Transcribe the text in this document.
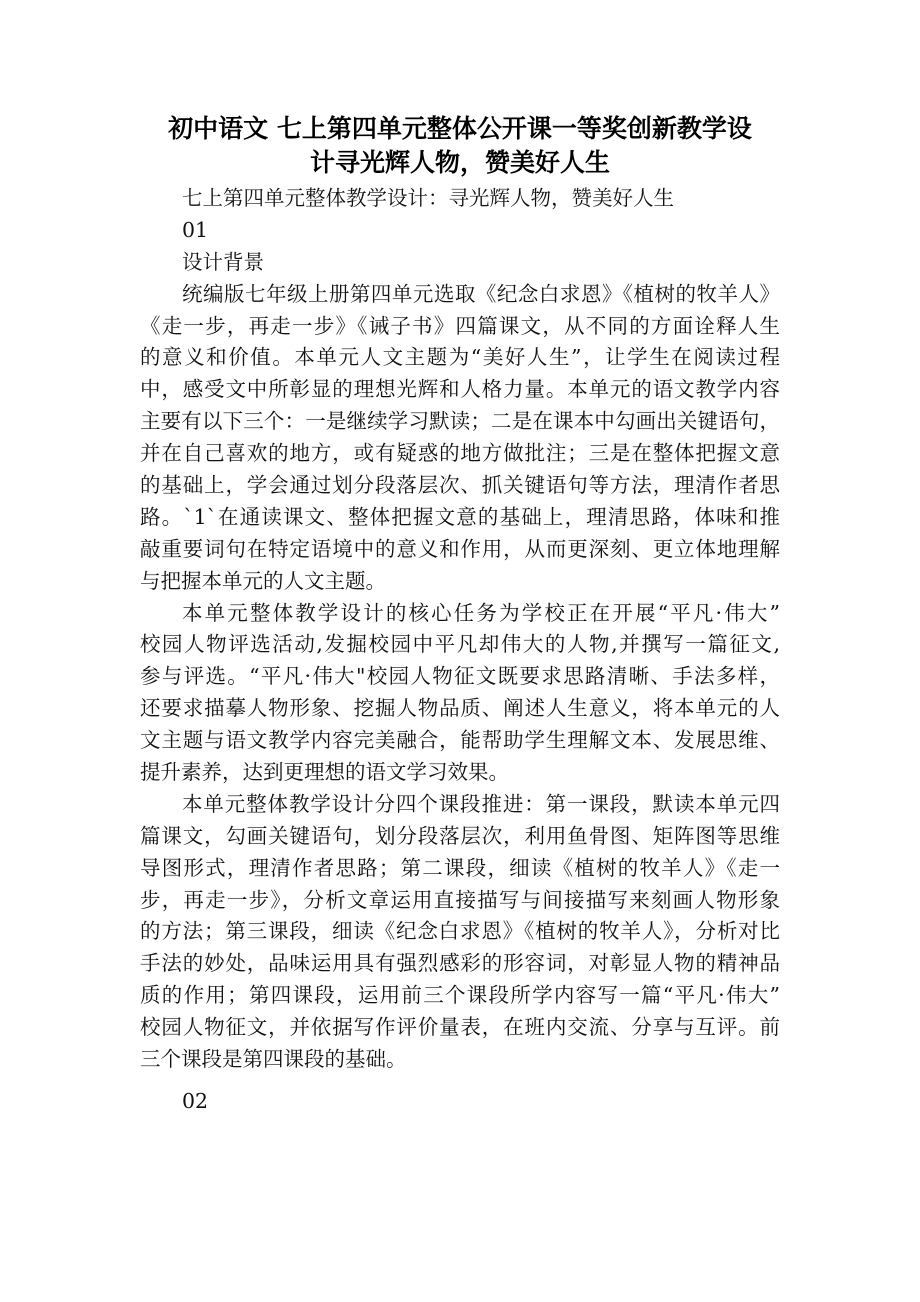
初中语文 七上第四单元整体公开课一等奖创新教学设
计寻光辉人物，赞美好人生
七上第四单元整体教学设计：寻光辉人物，赞美好人生
01
设计背景
统编版七年级上册第四单元选取《纪念白求恩》《植树的牧羊人》
《走一步，再走一步》《诫子书》四篇课文，从不同的方面诠释人生
的意义和价值。本单元人文主题为“美好人生”，让学生在阅读过程
中，感受文中所彰显的理想光辉和人格力量。本单元的语文教学内容
主要有以下三个：一是继续学习默读；二是在课本中勾画出关键语句，
并在自己喜欢的地方，或有疑惑的地方做批注；三是在整体把握文意
的基础上，学会通过划分段落层次、抓关键语句等方法，理清作者思
路。`1`在通读课文、整体把握文意的基础上，理清思路，体味和推
敲重要词句在特定语境中的意义和作用，从而更深刻、更立体地理解
与把握本单元的人文主题。
本单元整体教学设计的核心任务为学校正在开展“平凡·伟大”
校园人物评选活动,发掘校园中平凡却伟大的人物,并撰写一篇征文,
参与评选。“平凡·伟大"校园人物征文既要求思路清晰、手法多样，
还要求描摹人物形象、挖掘人物品质、阐述人生意义，将本单元的人
文主题与语文教学内容完美融合，能帮助学生理解文本、发展思维、
提升素养，达到更理想的语文学习效果。
本单元整体教学设计分四个课段推进：第一课段，默读本单元四
篇课文，勾画关键语句，划分段落层次，利用鱼骨图、矩阵图等思维
导图形式，理清作者思路；第二课段，细读《植树的牧羊人》《走一
步，再走一步》，分析文章运用直接描写与间接描写来刻画人物形象
的方法；第三课段，细读《纪念白求恩》《植树的牧羊人》，分析对比
手法的妙处，品味运用具有强烈感彩的形容词，对彰显人物的精神品
质的作用；第四课段，运用前三个课段所学内容写一篇“平凡·伟大”
校园人物征文，并依据写作评价量表，在班内交流、分享与互评。前
三个课段是第四课段的基础。
02
